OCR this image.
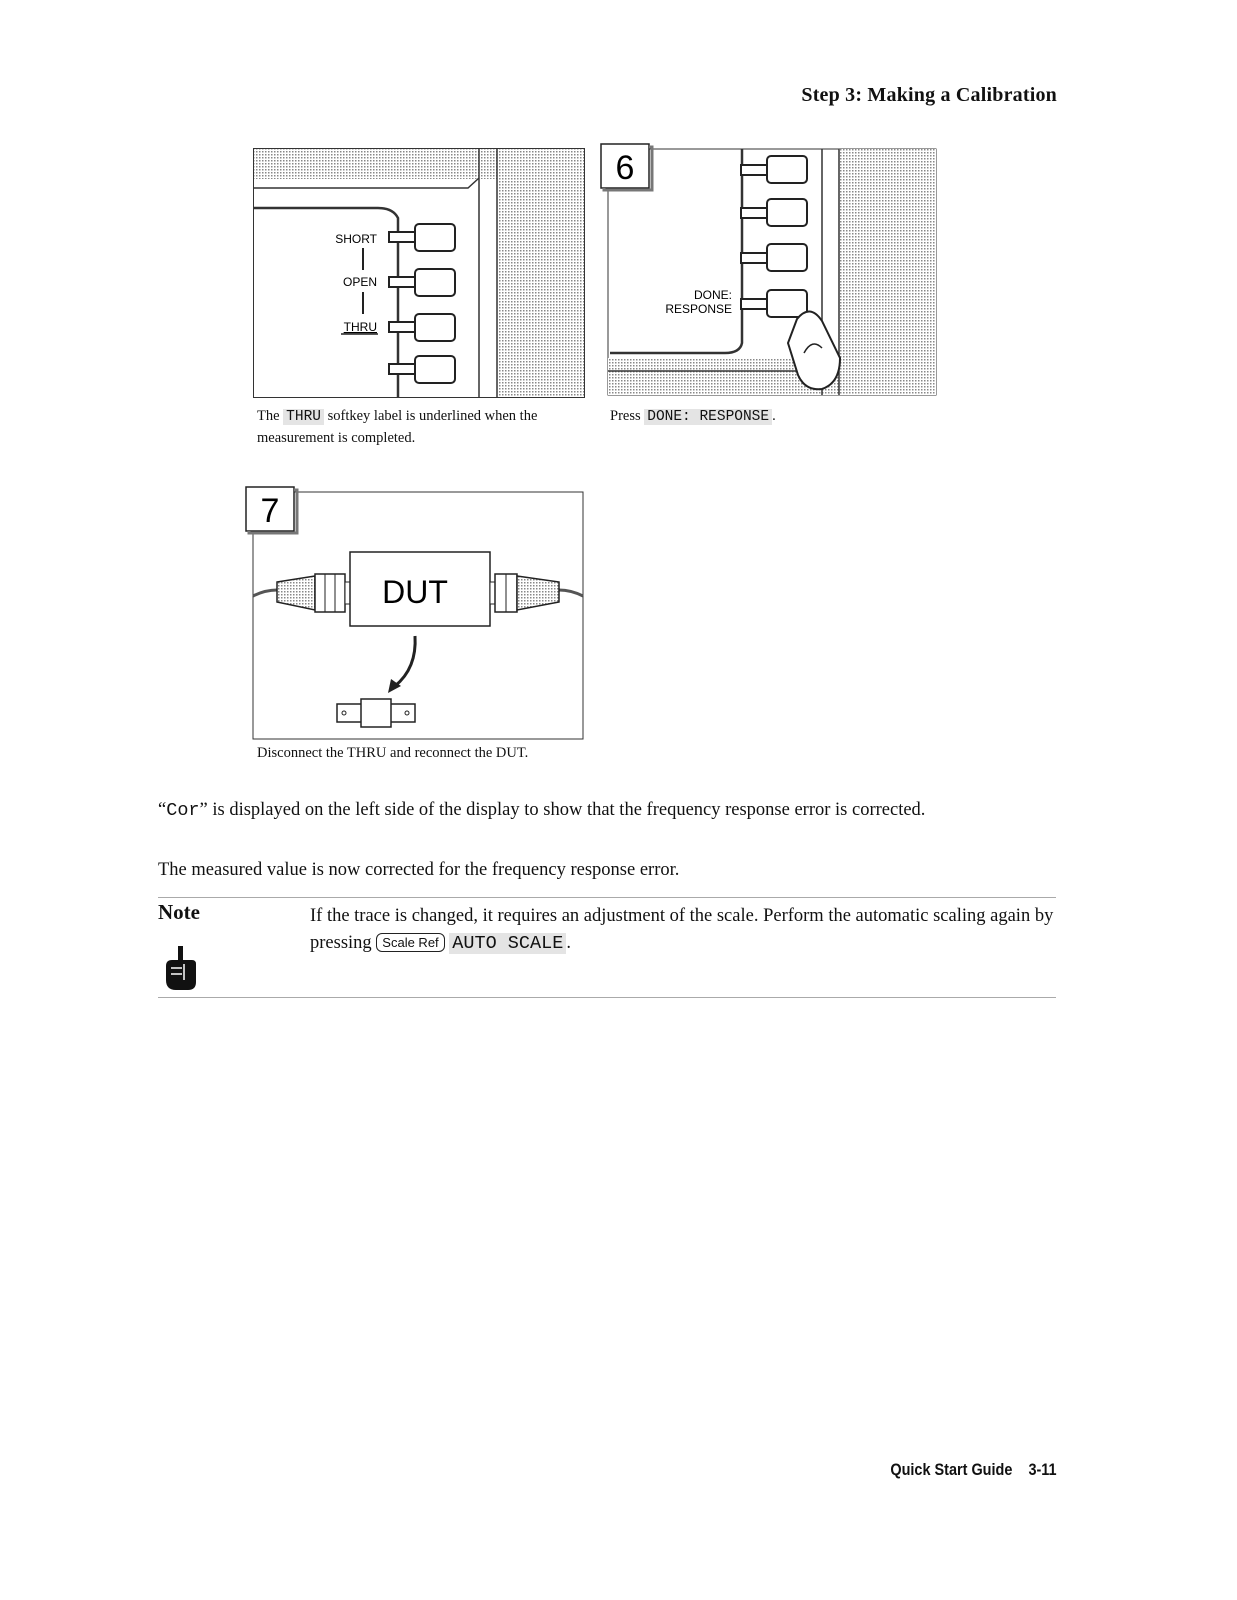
Step 3: Making a Calibration
SHORT
OPEN
THRU
The THRU softkey label is underlined when the measurement is completed.
DONE:
RESPONSE
6
Press DONE: RESPONSE .
DUT
7
Disconnect the THRU and reconnect the DUT.
“Cor” is displayed on the left side of the display to show that the frequency response error is corrected.
The measured value is now corrected for the frequency response error.
Note	If the trace is changed, it requires an adjustment of the scale. Perform the automatic scaling again by pressing Scale Ref AUTO SCALE .
Quick Start Guide 3-11
